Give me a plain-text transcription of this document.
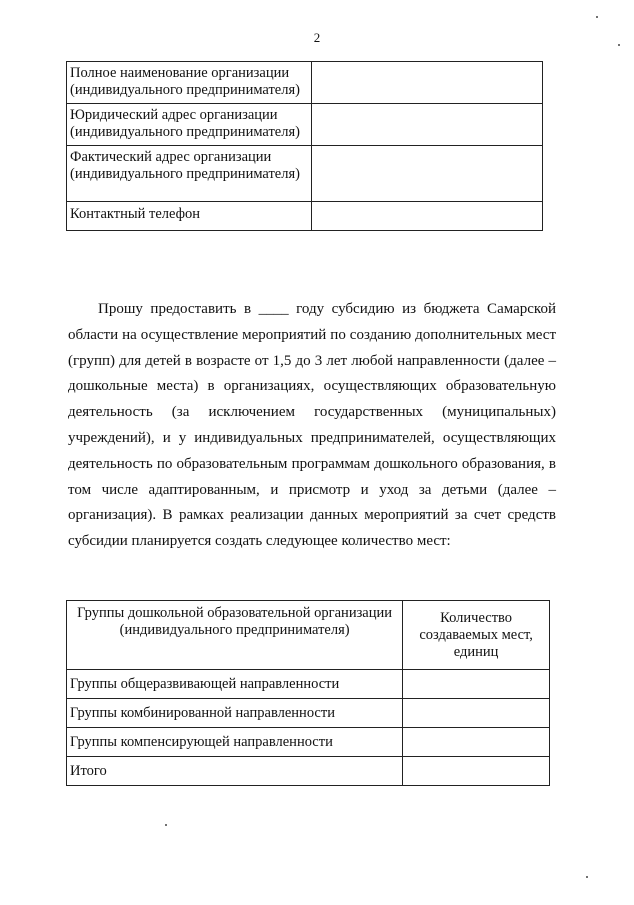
2
Полное наименование организации (индивидуального предпринимателя)	
Юридический адрес организации (индивидуального предпринимателя)	
Фактический адрес организации (индивидуального предпринимателя)	
Контактный телефон	

Прошу предоставить в ____ году субсидию из бюджета Самарской области на осуществление мероприятий по созданию дополнительных мест (групп) для детей в возрасте от 1,5 до 3 лет любой направленности (далее – дошкольные места) в организациях, осуществляющих образовательную деятельность (за исключением государственных (муниципальных) учреждений), и у индивидуальных предпринимателей, осуществляющих деятельность по образовательным программам дошкольного образования, в том числе адаптированным, и присмотр и уход за детьми (далее – организация). В рамках реализации данных мероприятий за счет средств субсидии планируется создать следующее количество мест:

Группы дошкольной образовательной организации (индивидуального предпринимателя)	Количество создаваемых мест, единиц
Группы общеразвивающей направленности	
Группы комбинированной направленности	
Группы компенсирующей направленности	
Итого	
